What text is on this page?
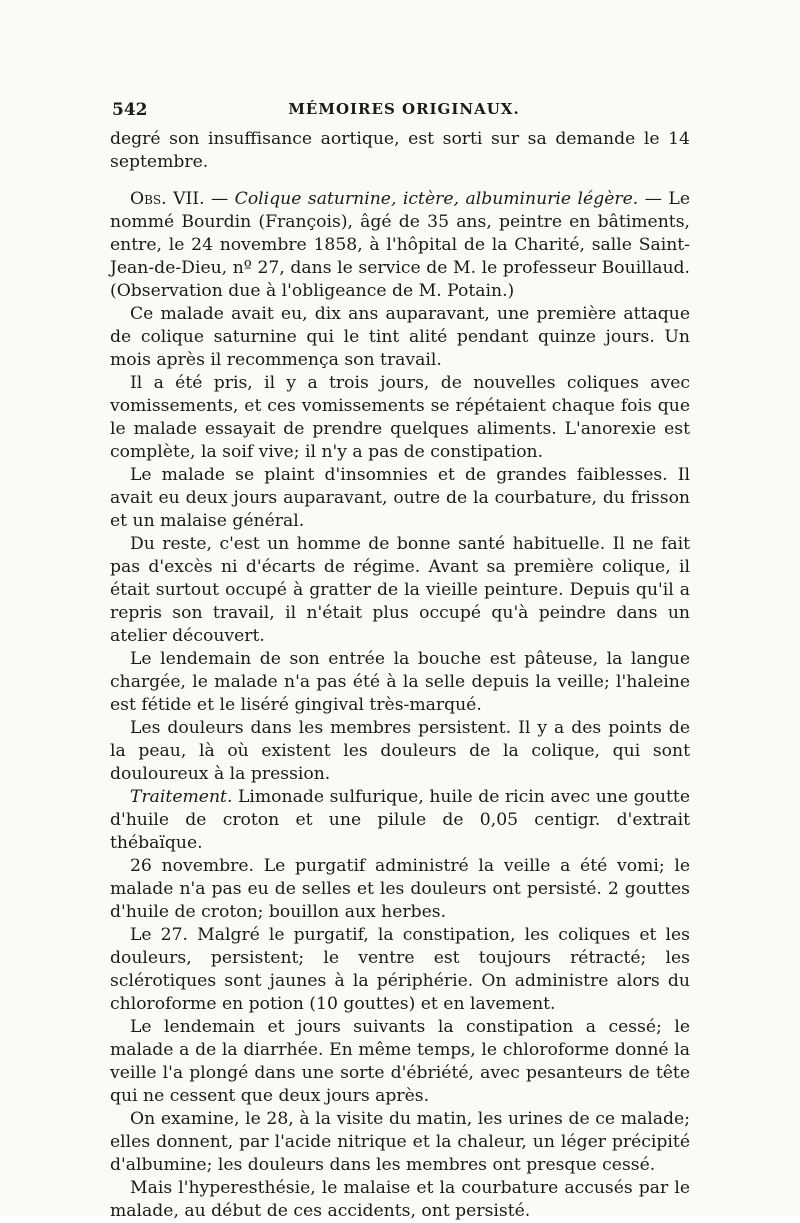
542	MÉMOIRES ORIGINAUX.

degré son insuffisance aortique, est sorti sur sa demande le 14 septembre.

Obs. VII. — Colique saturnine, ictère, albuminurie légère. — Le nommé Bourdin (François), âgé de 35 ans, peintre en bâtiments, entre, le 24 novembre 1858, à l'hôpital de la Charité, salle Saint-Jean-de-Dieu, nº 27, dans le service de M. le professeur Bouillaud. (Observation due à l'obligeance de M. Potain.)

Ce malade avait eu, dix ans auparavant, une première attaque de colique saturnine qui le tint alité pendant quinze jours. Un mois après il recommença son travail.

Il a été pris, il y a trois jours, de nouvelles coliques avec vomissements, et ces vomissements se répétaient chaque fois que le malade essayait de prendre quelques aliments. L'anorexie est complète, la soif vive; il n'y a pas de constipation.

Le malade se plaint d'insomnies et de grandes faiblesses. Il avait eu deux jours auparavant, outre de la courbature, du frisson et un malaise général.

Du reste, c'est un homme de bonne santé habituelle. Il ne fait pas d'excès ni d'écarts de régime. Avant sa première colique, il était surtout occupé à gratter de la vieille peinture. Depuis qu'il a repris son travail, il n'était plus occupé qu'à peindre dans un atelier découvert.

Le lendemain de son entrée la bouche est pâteuse, la langue chargée, le malade n'a pas été à la selle depuis la veille; l'haleine est fétide et le liséré gingival très-marqué.

Les douleurs dans les membres persistent. Il y a des points de la peau, là où existent les douleurs de la colique, qui sont douloureux à la pression.

Traitement. Limonade sulfurique, huile de ricin avec une goutte d'huile de croton et une pilule de 0,05 centigr. d'extrait thébaïque.

26 novembre. Le purgatif administré la veille a été vomi; le malade n'a pas eu de selles et les douleurs ont persisté. 2 gouttes d'huile de croton; bouillon aux herbes.

Le 27. Malgré le purgatif, la constipation, les coliques et les douleurs, persistent; le ventre est toujours rétracté; les sclérotiques sont jaunes à la périphérie. On administre alors du chloroforme en potion (10 gouttes) et en lavement.

Le lendemain et jours suivants la constipation a cessé; le malade a de la diarrhée. En même temps, le chloroforme donné la veille l'a plongé dans une sorte d'ébriété, avec pesanteurs de tête qui ne cessent que deux jours après.

On examine, le 28, à la visite du matin, les urines de ce malade; elles donnent, par l'acide nitrique et la chaleur, un léger précipité d'albumine; les douleurs dans les membres ont presque cessé.

Mais l'hyperesthésie, le malaise et la courbature accusés par le malade, au début de ces accidents, ont persisté.
